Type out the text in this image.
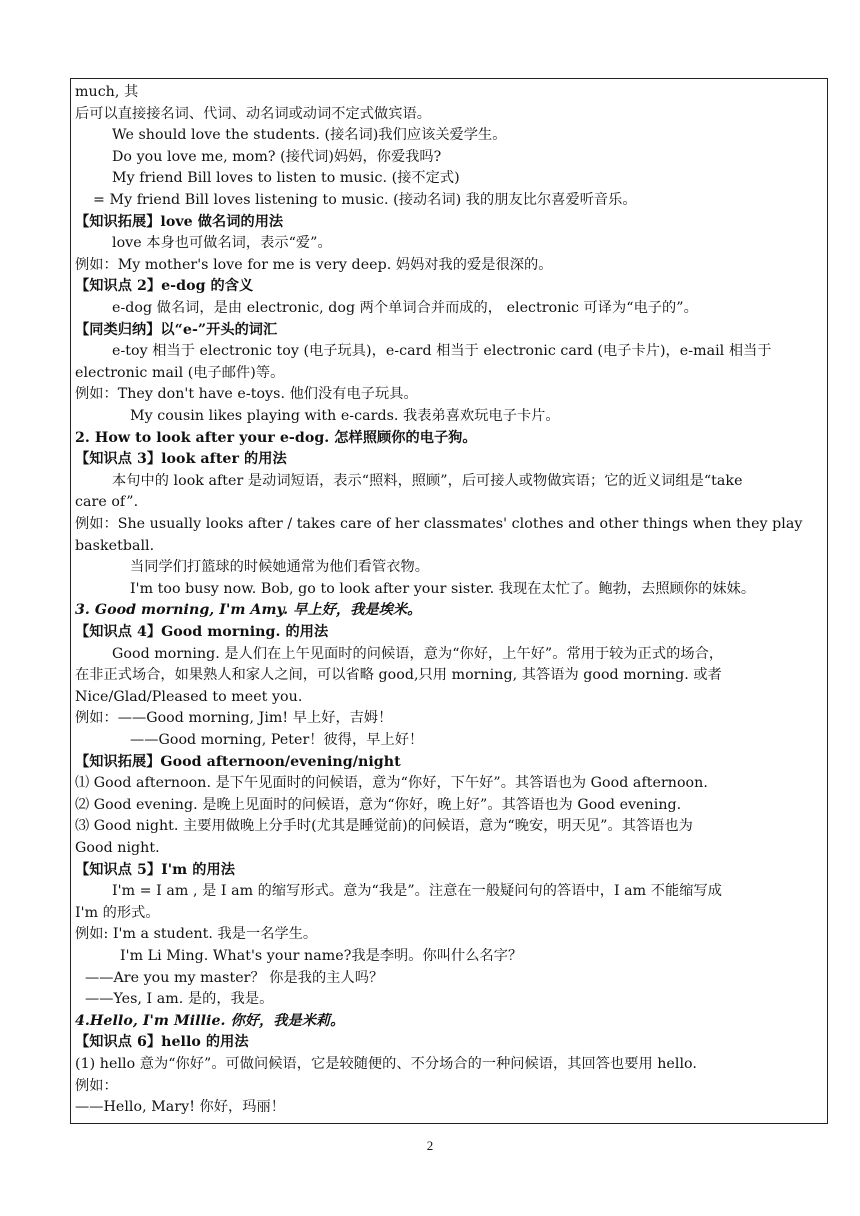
much, 其
后可以直接接名词、代词、动名词或动词不定式做宾语。
We should love the students. (接名词)我们应该关爱学生。
Do you love me, mom? (接代词)妈妈，你爱我吗?
My friend Bill loves to listen to music. (接不定式)
= My friend Bill loves listening to music. (接动名词) 我的朋友比尔喜爱听音乐。
【知识拓展】love 做名词的用法
love 本身也可做名词，表示“爱”。
例如：My mother's love for me is very deep. 妈妈对我的爱是很深的。
【知识点 2】e-dog 的含义
e-dog 做名词，是由 electronic, dog 两个单词合并而成的， electronic 可译为“电子的”。
【同类归纳】以“e-”开头的词汇
e-toy 相当于 electronic toy (电子玩具)，e-card 相当于 electronic card (电子卡片)，e-mail 相当于
electronic mail (电子邮件)等。
例如：They don't have e-toys. 他们没有电子玩具。
My cousin likes playing with e-cards. 我表弟喜欢玩电子卡片。
2. How to look after your e-dog. 怎样照顾你的电子狗。
【知识点 3】look after 的用法
本句中的 look after 是动词短语，表示“照料，照顾”，后可接人或物做宾语；它的近义词组是“take
care of”.
例如：She usually looks after / takes care of her classmates' clothes and other things when they play
basketball.
当同学们打篮球的时候她通常为他们看管衣物。
I'm too busy now. Bob, go to look after your sister. 我现在太忙了。鲍勃，去照顾你的妹妹。
3. Good morning, I'm Amy. 早上好，我是埃米。
【知识点 4】Good morning. 的用法
Good morning. 是人们在上午见面时的问候语，意为“你好，上午好”。常用于较为正式的场合，
在非正式场合，如果熟人和家人之间，可以省略 good,只用 morning, 其答语为 good morning. 或者
Nice/Glad/Pleased to meet you.
例如：——Good morning, Jim! 早上好，吉姆！
——Good morning, Peter！彼得，早上好！
【知识拓展】Good afternoon/evening/night
⑴ Good afternoon. 是下午见面时的问候语，意为“你好，下午好”。其答语也为 Good afternoon.
⑵ Good evening. 是晚上见面时的问候语，意为“你好，晚上好”。其答语也为 Good evening.
⑶ Good night. 主要用做晚上分手时(尤其是睡觉前)的问候语，意为“晚安，明天见”。其答语也为
Good night.
【知识点 5】I'm 的用法
I'm = I am , 是 I am 的缩写形式。意为“我是”。注意在一般疑问句的答语中，I am 不能缩写成
I'm 的形式。
例如: I'm a student. 我是一名学生。
I'm Li Ming. What's your name?我是李明。你叫什么名字？
——Are you my master？ 你是我的主人吗？
——Yes, I am. 是的，我是。
4.Hello, I'm Millie. 你好，我是米莉。
【知识点 6】hello 的用法
(1) hello 意为“你好”。可做问候语，它是较随便的、不分场合的一种问候语，其回答也要用 hello.
例如：
——Hello, Mary! 你好，玛丽！
2
